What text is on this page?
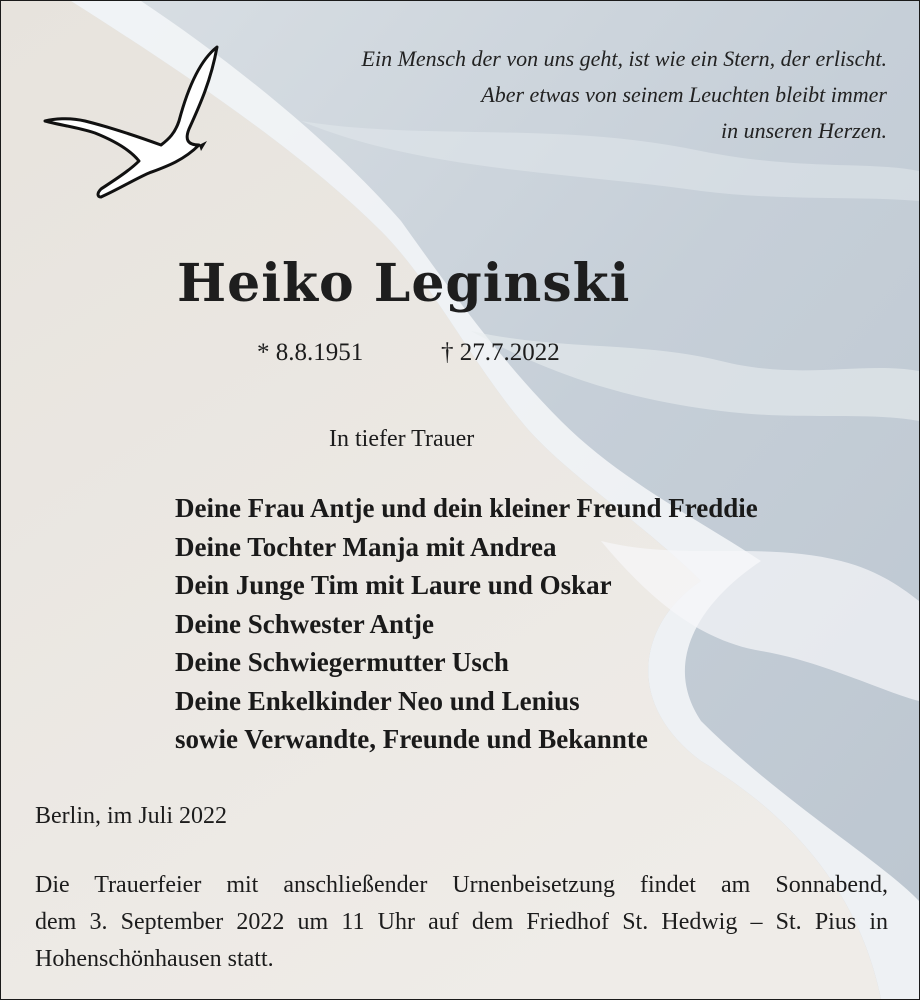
Ein Mensch der von uns geht, ist wie ein Stern, der erlischt.
Aber etwas von seinem Leuchten bleibt immer
in unseren Herzen.
Heiko Leginski
* 8.8.1951	† 27.7.2022
In tiefer Trauer
Deine Frau Antje und dein kleiner Freund Freddie
Deine Tochter Manja mit Andrea
Dein Junge Tim mit Laure und Oskar
Deine Schwester Antje
Deine Schwiegermutter Usch
Deine Enkelkinder Neo und Lenius
sowie Verwandte, Freunde und Bekannte
Berlin, im Juli 2022
Die Trauerfeier mit anschließender Urnenbeisetzung findet am Sonnabend,
dem 3. September 2022 um 11 Uhr auf dem Friedhof St. Hedwig – St. Pius in
Hohenschönhausen statt.
